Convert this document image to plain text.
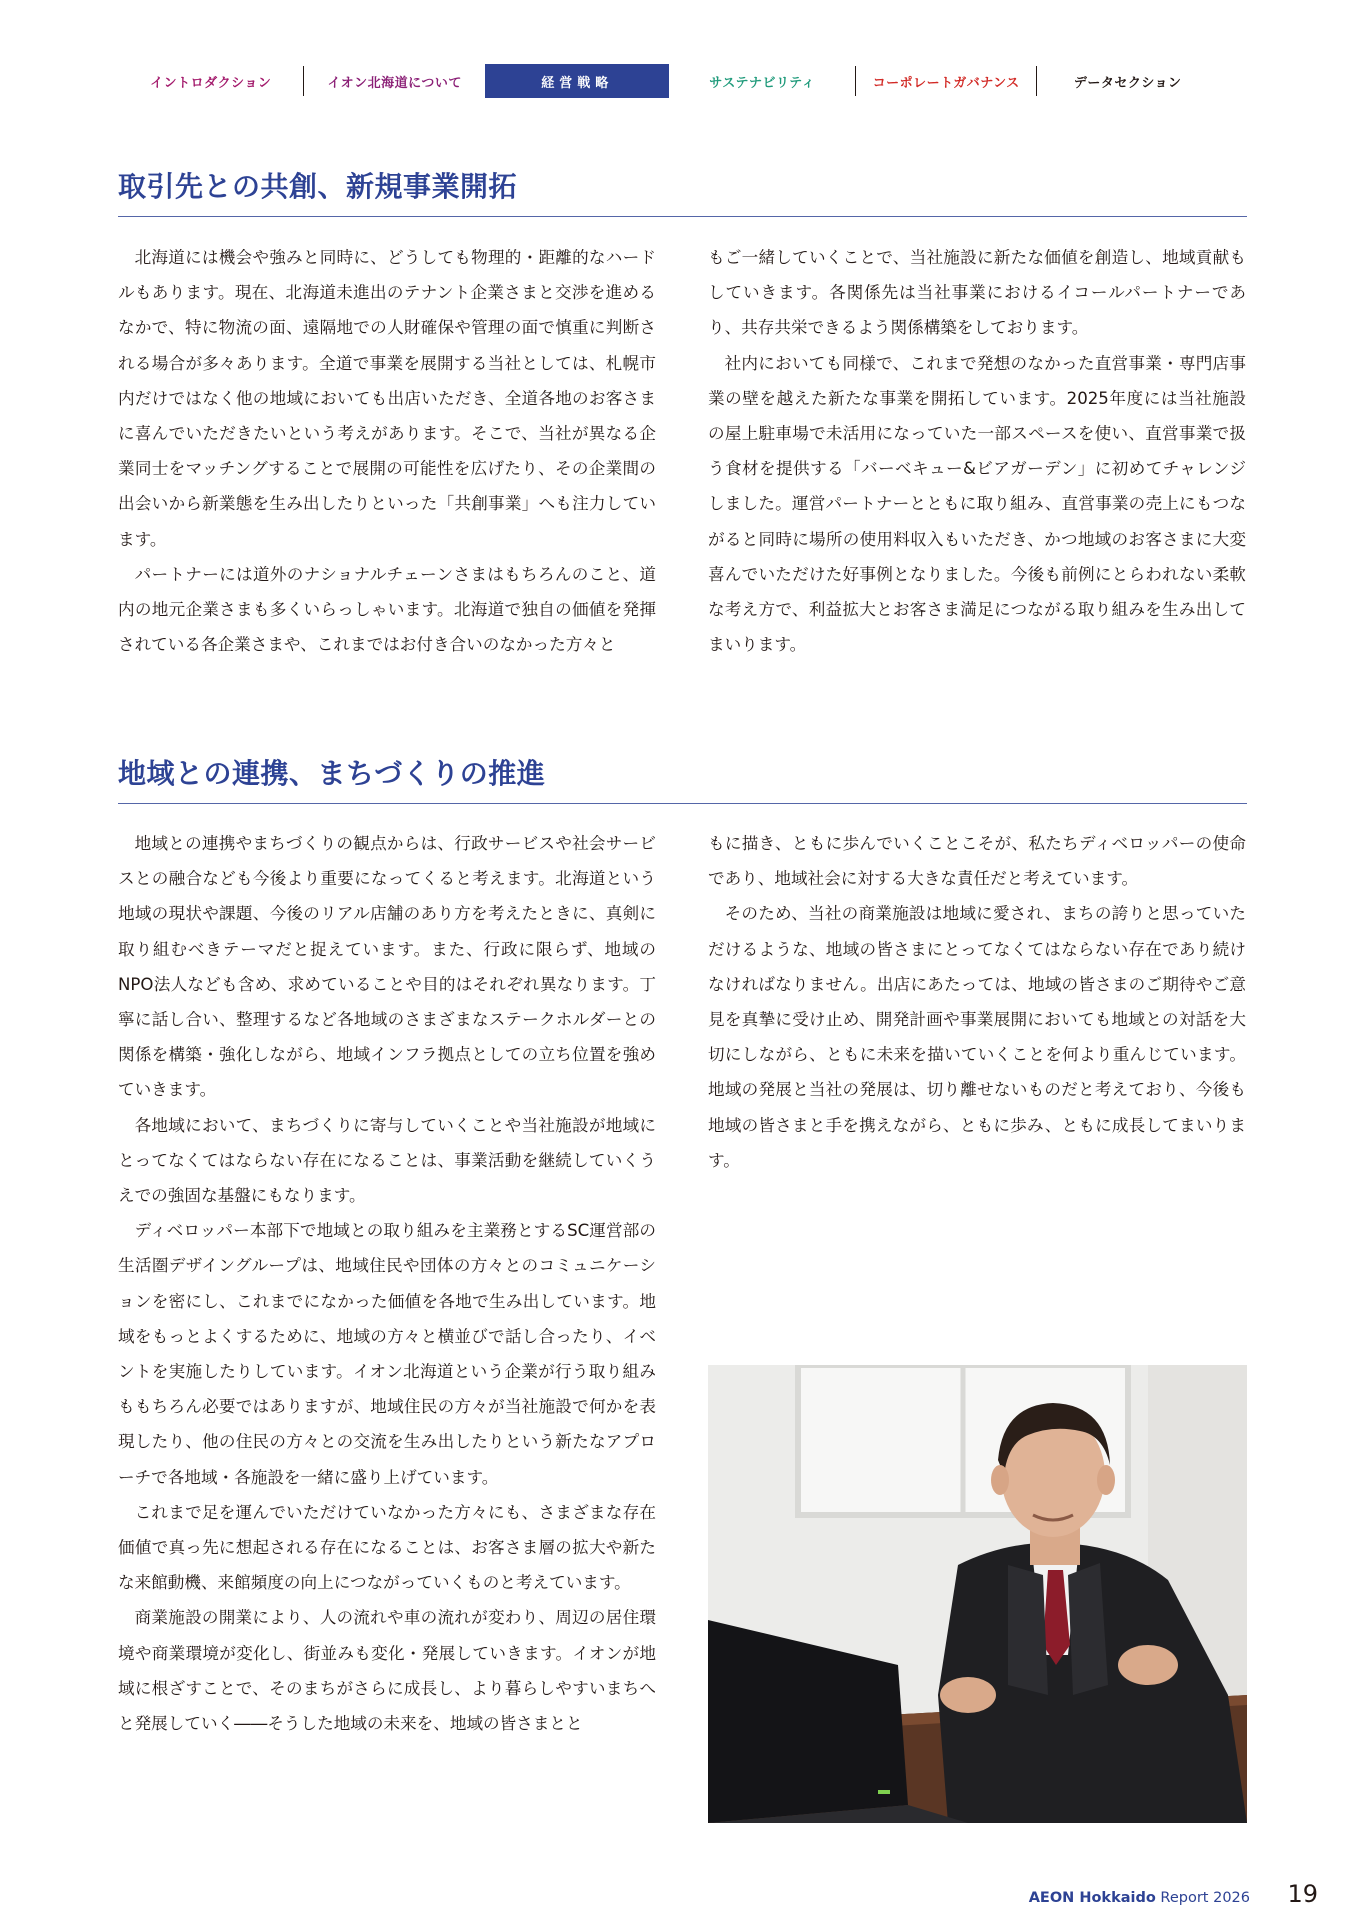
イントロダクション	イオン北海道について	経営戦略	サステナビリティ	コーポレートガバナンス	データセクション
取引先との共創、新規事業開拓

北海道には機会や強みと同時に、どうしても物理的・距離的なハードルもあります。現在、北海道未進出のテナント企業さまと交渉を進めるなかで、特に物流の面、遠隔地での人財確保や管理の面で慎重に判断される場合が多々あります。全道で事業を展開する当社としては、札幌市内だけではなく他の地域においても出店いただき、全道各地のお客さまに喜んでいただきたいという考えがあります。そこで、当社が異なる企業同士をマッチングすることで展開の可能性を広げたり、その企業間の出会いから新業態を生み出したりといった「共創事業」へも注力しています。

パートナーには道外のナショナルチェーンさまはもちろんのこと、道内の地元企業さまも多くいらっしゃいます。北海道で独自の価値を発揮されている各企業さまや、これまではお付き合いのなかった方々と

もご一緒していくことで、当社施設に新たな価値を創造し、地域貢献もしていきます。各関係先は当社事業におけるイコールパートナーであり、共存共栄できるよう関係構築をしております。

社内においても同様で、これまで発想のなかった直営事業・専門店事業の壁を越えた新たな事業を開拓しています。2025年度には当社施設の屋上駐車場で未活用になっていた一部スペースを使い、直営事業で扱う食材を提供する「バーベキュー&ビアガーデン」に初めてチャレンジしました。運営パートナーとともに取り組み、直営事業の売上にもつながると同時に場所の使用料収入もいただき、かつ地域のお客さまに大変喜んでいただけた好事例となりました。今後も前例にとらわれない柔軟な考え方で、利益拡大とお客さま満足につながる取り組みを生み出してまいります。

地域との連携、まちづくりの推進

地域との連携やまちづくりの観点からは、行政サービスや社会サービスとの融合なども今後より重要になってくると考えます。北海道という地域の現状や課題、今後のリアル店舗のあり方を考えたときに、真剣に取り組むべきテーマだと捉えています。また、行政に限らず、地域のNPO法人なども含め、求めていることや目的はそれぞれ異なります。丁寧に話し合い、整理するなど各地域のさまざまなステークホルダーとの関係を構築・強化しながら、地域インフラ拠点としての立ち位置を強めていきます。

各地域において、まちづくりに寄与していくことや当社施設が地域にとってなくてはならない存在になることは、事業活動を継続していくうえでの強固な基盤にもなります。

ディベロッパー本部下で地域との取り組みを主業務とするSC運営部の生活圏デザイングループは、地域住民や団体の方々とのコミュニケーションを密にし、これまでになかった価値を各地で生み出しています。地域をもっとよくするために、地域の方々と横並びで話し合ったり、イベントを実施したりしています。イオン北海道という企業が行う取り組みももちろん必要ではありますが、地域住民の方々が当社施設で何かを表現したり、他の住民の方々との交流を生み出したりという新たなアプローチで各地域・各施設を一緒に盛り上げています。

これまで足を運んでいただけていなかった方々にも、さまざまな存在価値で真っ先に想起される存在になることは、お客さま層の拡大や新たな来館動機、来館頻度の向上につながっていくものと考えています。

商業施設の開業により、人の流れや車の流れが変わり、周辺の居住環境や商業環境が変化し、街並みも変化・発展していきます。イオンが地域に根ざすことで、そのまちがさらに成長し、より暮らしやすいまちへと発展していく――そうした地域の未来を、地域の皆さまとと

もに描き、ともに歩んでいくことこそが、私たちディベロッパーの使命であり、地域社会に対する大きな責任だと考えています。

そのため、当社の商業施設は地域に愛され、まちの誇りと思っていただけるような、地域の皆さまにとってなくてはならない存在であり続けなければなりません。出店にあたっては、地域の皆さまのご期待やご意見を真摯に受け止め、開発計画や事業展開においても地域との対話を大切にしながら、ともに未来を描いていくことを何より重んじています。地域の発展と当社の発展は、切り離せないものだと考えており、今後も地域の皆さまと手を携えながら、ともに歩み、ともに成長してまいります。

AEON Hokkaido Report 2026 19
